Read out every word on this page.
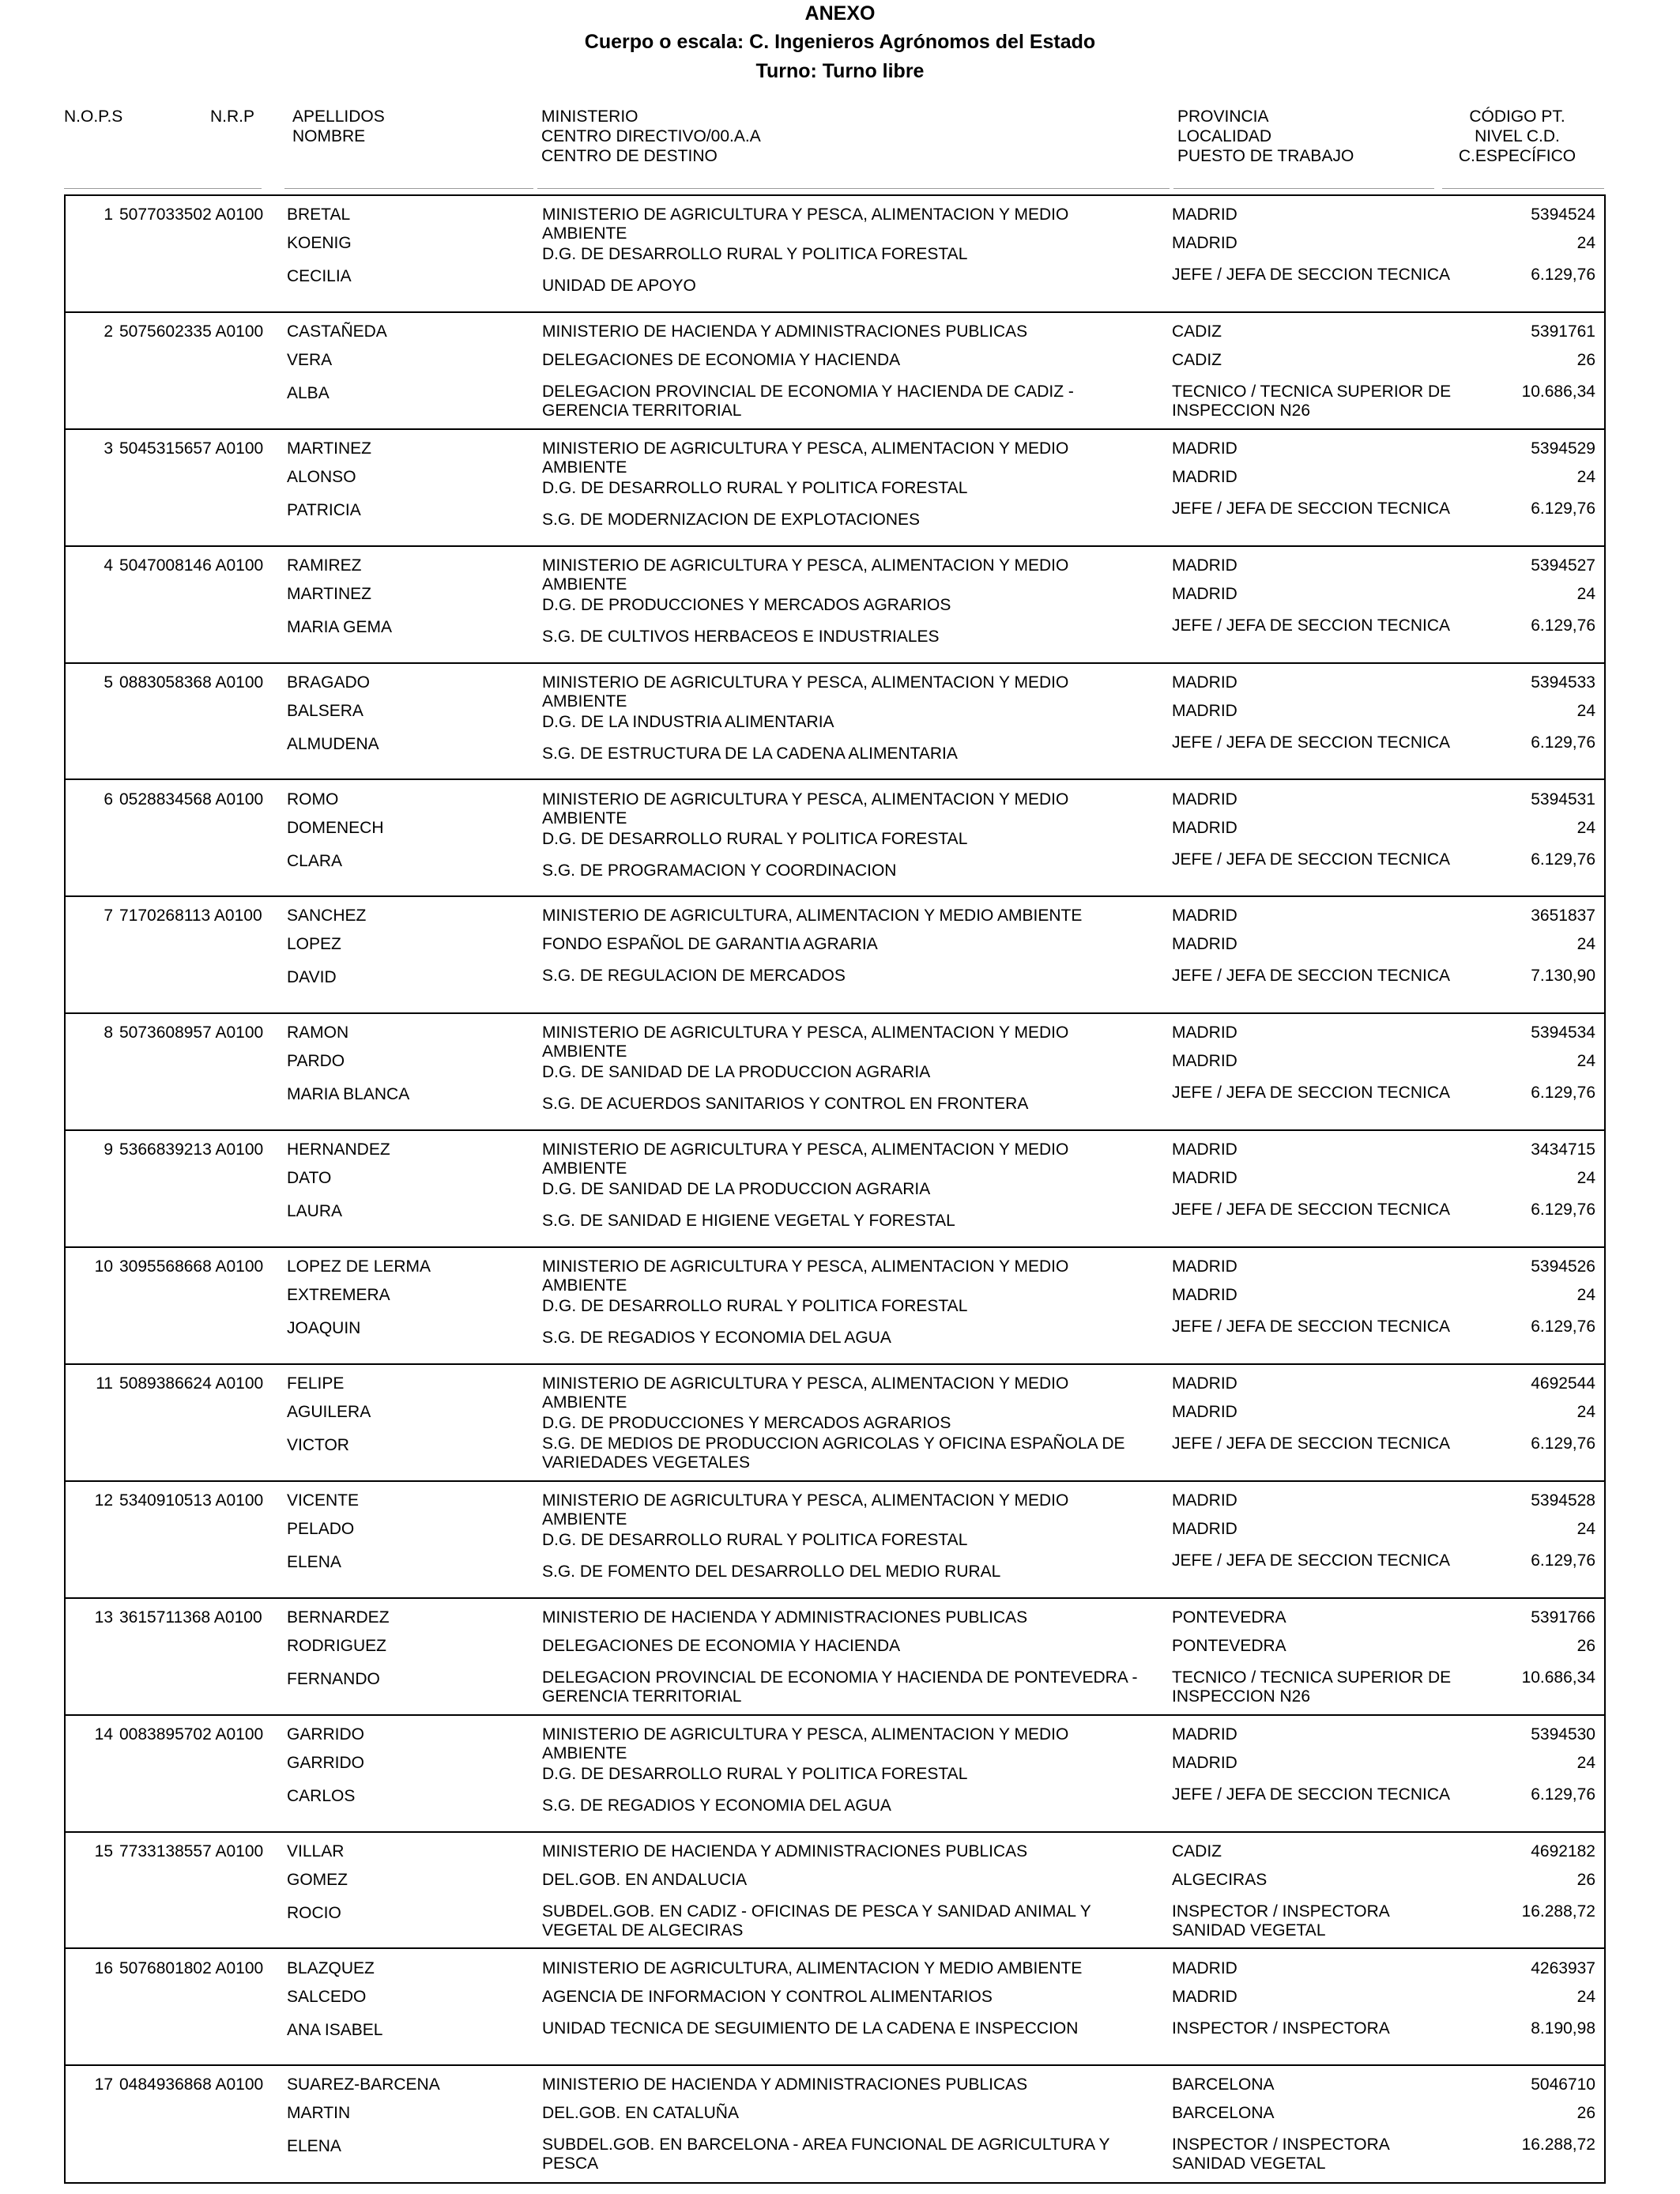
ANEXO
Cuerpo o escala: C. Ingenieros Agrónomos del Estado
Turno: Turno libre
N.O.P.S	N.R.P APELLIDOS
NOMBRE
MINISTERIO
CENTRO DIRECTIVO/00.A.A
CENTRO DE DESTINO
PROVINCIA
LOCALIDAD
PUESTO DE TRABAJO
CÓDIGO PT.
NIVEL C.D.
C.ESPECÍFICO
1 5077033502 A0100 BRETAL
KOENIG
CECILIA
MINISTERIO DE AGRICULTURA Y PESCA, ALIMENTACION Y MEDIO
AMBIENTE
D.G. DE DESARROLLO RURAL Y POLITICA FORESTAL
UNIDAD DE APOYO
MADRID
MADRID
JEFE / JEFA DE SECCION TECNICA
5394524
24
6.129,76
2 5075602335 A0100 CASTAÑEDA
VERA
ALBA
MINISTERIO DE HACIENDA Y ADMINISTRACIONES PUBLICAS
DELEGACIONES DE ECONOMIA Y HACIENDA
DELEGACION PROVINCIAL DE ECONOMIA Y HACIENDA DE CADIZ -
GERENCIA TERRITORIAL
CADIZ
CADIZ
TECNICO / TECNICA SUPERIOR DE
INSPECCION N26
5391761
26
10.686,34
3 5045315657 A0100 MARTINEZ
ALONSO
PATRICIA
MINISTERIO DE AGRICULTURA Y PESCA, ALIMENTACION Y MEDIO
AMBIENTE
D.G. DE DESARROLLO RURAL Y POLITICA FORESTAL
S.G. DE MODERNIZACION DE EXPLOTACIONES
MADRID
MADRID
JEFE / JEFA DE SECCION TECNICA
5394529
24
6.129,76
4 5047008146 A0100 RAMIREZ
MARTINEZ
MARIA GEMA
MINISTERIO DE AGRICULTURA Y PESCA, ALIMENTACION Y MEDIO
AMBIENTE
D.G. DE PRODUCCIONES Y MERCADOS AGRARIOS
S.G. DE CULTIVOS HERBACEOS E INDUSTRIALES
MADRID
MADRID
JEFE / JEFA DE SECCION TECNICA
5394527
24
6.129,76
5 0883058368 A0100 BRAGADO
BALSERA
ALMUDENA
MINISTERIO DE AGRICULTURA Y PESCA, ALIMENTACION Y MEDIO
AMBIENTE
D.G. DE LA INDUSTRIA ALIMENTARIA
S.G. DE ESTRUCTURA DE LA CADENA ALIMENTARIA
MADRID
MADRID
JEFE / JEFA DE SECCION TECNICA
5394533
24
6.129,76
6 0528834568 A0100 ROMO
DOMENECH
CLARA
MINISTERIO DE AGRICULTURA Y PESCA, ALIMENTACION Y MEDIO
AMBIENTE
D.G. DE DESARROLLO RURAL Y POLITICA FORESTAL
S.G. DE PROGRAMACION Y COORDINACION
MADRID
MADRID
JEFE / JEFA DE SECCION TECNICA
5394531
24
6.129,76
7 7170268113 A0100 SANCHEZ
LOPEZ
DAVID
MINISTERIO DE AGRICULTURA, ALIMENTACION Y MEDIO AMBIENTE
FONDO ESPAÑOL DE GARANTIA AGRARIA
S.G. DE REGULACION DE MERCADOS
MADRID
MADRID
JEFE / JEFA DE SECCION TECNICA
3651837
24
7.130,90
8 5073608957 A0100 RAMON
PARDO
MARIA BLANCA
MINISTERIO DE AGRICULTURA Y PESCA, ALIMENTACION Y MEDIO
AMBIENTE
D.G. DE SANIDAD DE LA PRODUCCION AGRARIA
S.G. DE ACUERDOS SANITARIOS Y CONTROL EN FRONTERA
MADRID
MADRID
JEFE / JEFA DE SECCION TECNICA
5394534
24
6.129,76
9 5366839213 A0100 HERNANDEZ
DATO
LAURA
MINISTERIO DE AGRICULTURA Y PESCA, ALIMENTACION Y MEDIO
AMBIENTE
D.G. DE SANIDAD DE LA PRODUCCION AGRARIA
S.G. DE SANIDAD E HIGIENE VEGETAL Y FORESTAL
MADRID
MADRID
JEFE / JEFA DE SECCION TECNICA
3434715
24
6.129,76
10 3095568668 A0100 LOPEZ DE LERMA
EXTREMERA
JOAQUIN
MINISTERIO DE AGRICULTURA Y PESCA, ALIMENTACION Y MEDIO
AMBIENTE
D.G. DE DESARROLLO RURAL Y POLITICA FORESTAL
S.G. DE REGADIOS Y ECONOMIA DEL AGUA
MADRID
MADRID
JEFE / JEFA DE SECCION TECNICA
5394526
24
6.129,76
11 5089386624 A0100 FELIPE
AGUILERA
VICTOR
MINISTERIO DE AGRICULTURA Y PESCA, ALIMENTACION Y MEDIO
AMBIENTE
D.G. DE PRODUCCIONES Y MERCADOS AGRARIOS
S.G. DE MEDIOS DE PRODUCCION AGRICOLAS Y OFICINA ESPAÑOLA DE
VARIEDADES VEGETALES
MADRID
MADRID
JEFE / JEFA DE SECCION TECNICA
4692544
24
6.129,76
12 5340910513 A0100 VICENTE
PELADO
ELENA
MINISTERIO DE AGRICULTURA Y PESCA, ALIMENTACION Y MEDIO
AMBIENTE
D.G. DE DESARROLLO RURAL Y POLITICA FORESTAL
S.G. DE FOMENTO DEL DESARROLLO DEL MEDIO RURAL
MADRID
MADRID
JEFE / JEFA DE SECCION TECNICA
5394528
24
6.129,76
13 3615711368 A0100 BERNARDEZ
RODRIGUEZ
FERNANDO
MINISTERIO DE HACIENDA Y ADMINISTRACIONES PUBLICAS
DELEGACIONES DE ECONOMIA Y HACIENDA
DELEGACION PROVINCIAL DE ECONOMIA Y HACIENDA DE PONTEVEDRA -
GERENCIA TERRITORIAL
PONTEVEDRA
PONTEVEDRA
TECNICO / TECNICA SUPERIOR DE
INSPECCION N26
5391766
26
10.686,34
14 0083895702 A0100 GARRIDO
GARRIDO
CARLOS
MINISTERIO DE AGRICULTURA Y PESCA, ALIMENTACION Y MEDIO
AMBIENTE
D.G. DE DESARROLLO RURAL Y POLITICA FORESTAL
S.G. DE REGADIOS Y ECONOMIA DEL AGUA
MADRID
MADRID
JEFE / JEFA DE SECCION TECNICA
5394530
24
6.129,76
15 7733138557 A0100 VILLAR
GOMEZ
ROCIO
MINISTERIO DE HACIENDA Y ADMINISTRACIONES PUBLICAS
DEL.GOB. EN ANDALUCIA
SUBDEL.GOB. EN CADIZ - OFICINAS DE PESCA Y SANIDAD ANIMAL Y
VEGETAL DE ALGECIRAS
CADIZ
ALGECIRAS
INSPECTOR / INSPECTORA
SANIDAD VEGETAL
4692182
26
16.288,72
16 5076801802 A0100 BLAZQUEZ
SALCEDO
ANA ISABEL
MINISTERIO DE AGRICULTURA, ALIMENTACION Y MEDIO AMBIENTE
AGENCIA DE INFORMACION Y CONTROL ALIMENTARIOS
UNIDAD TECNICA DE SEGUIMIENTO DE LA CADENA E INSPECCION
MADRID
MADRID
INSPECTOR / INSPECTORA
4263937
24
8.190,98
17 0484936868 A0100 SUAREZ-BARCENA
MARTIN
ELENA
MINISTERIO DE HACIENDA Y ADMINISTRACIONES PUBLICAS
DEL.GOB. EN CATALUÑA
SUBDEL.GOB. EN BARCELONA - AREA FUNCIONAL DE AGRICULTURA Y
PESCA
BARCELONA
BARCELONA
INSPECTOR / INSPECTORA
SANIDAD VEGETAL
5046710
26
16.288,72
